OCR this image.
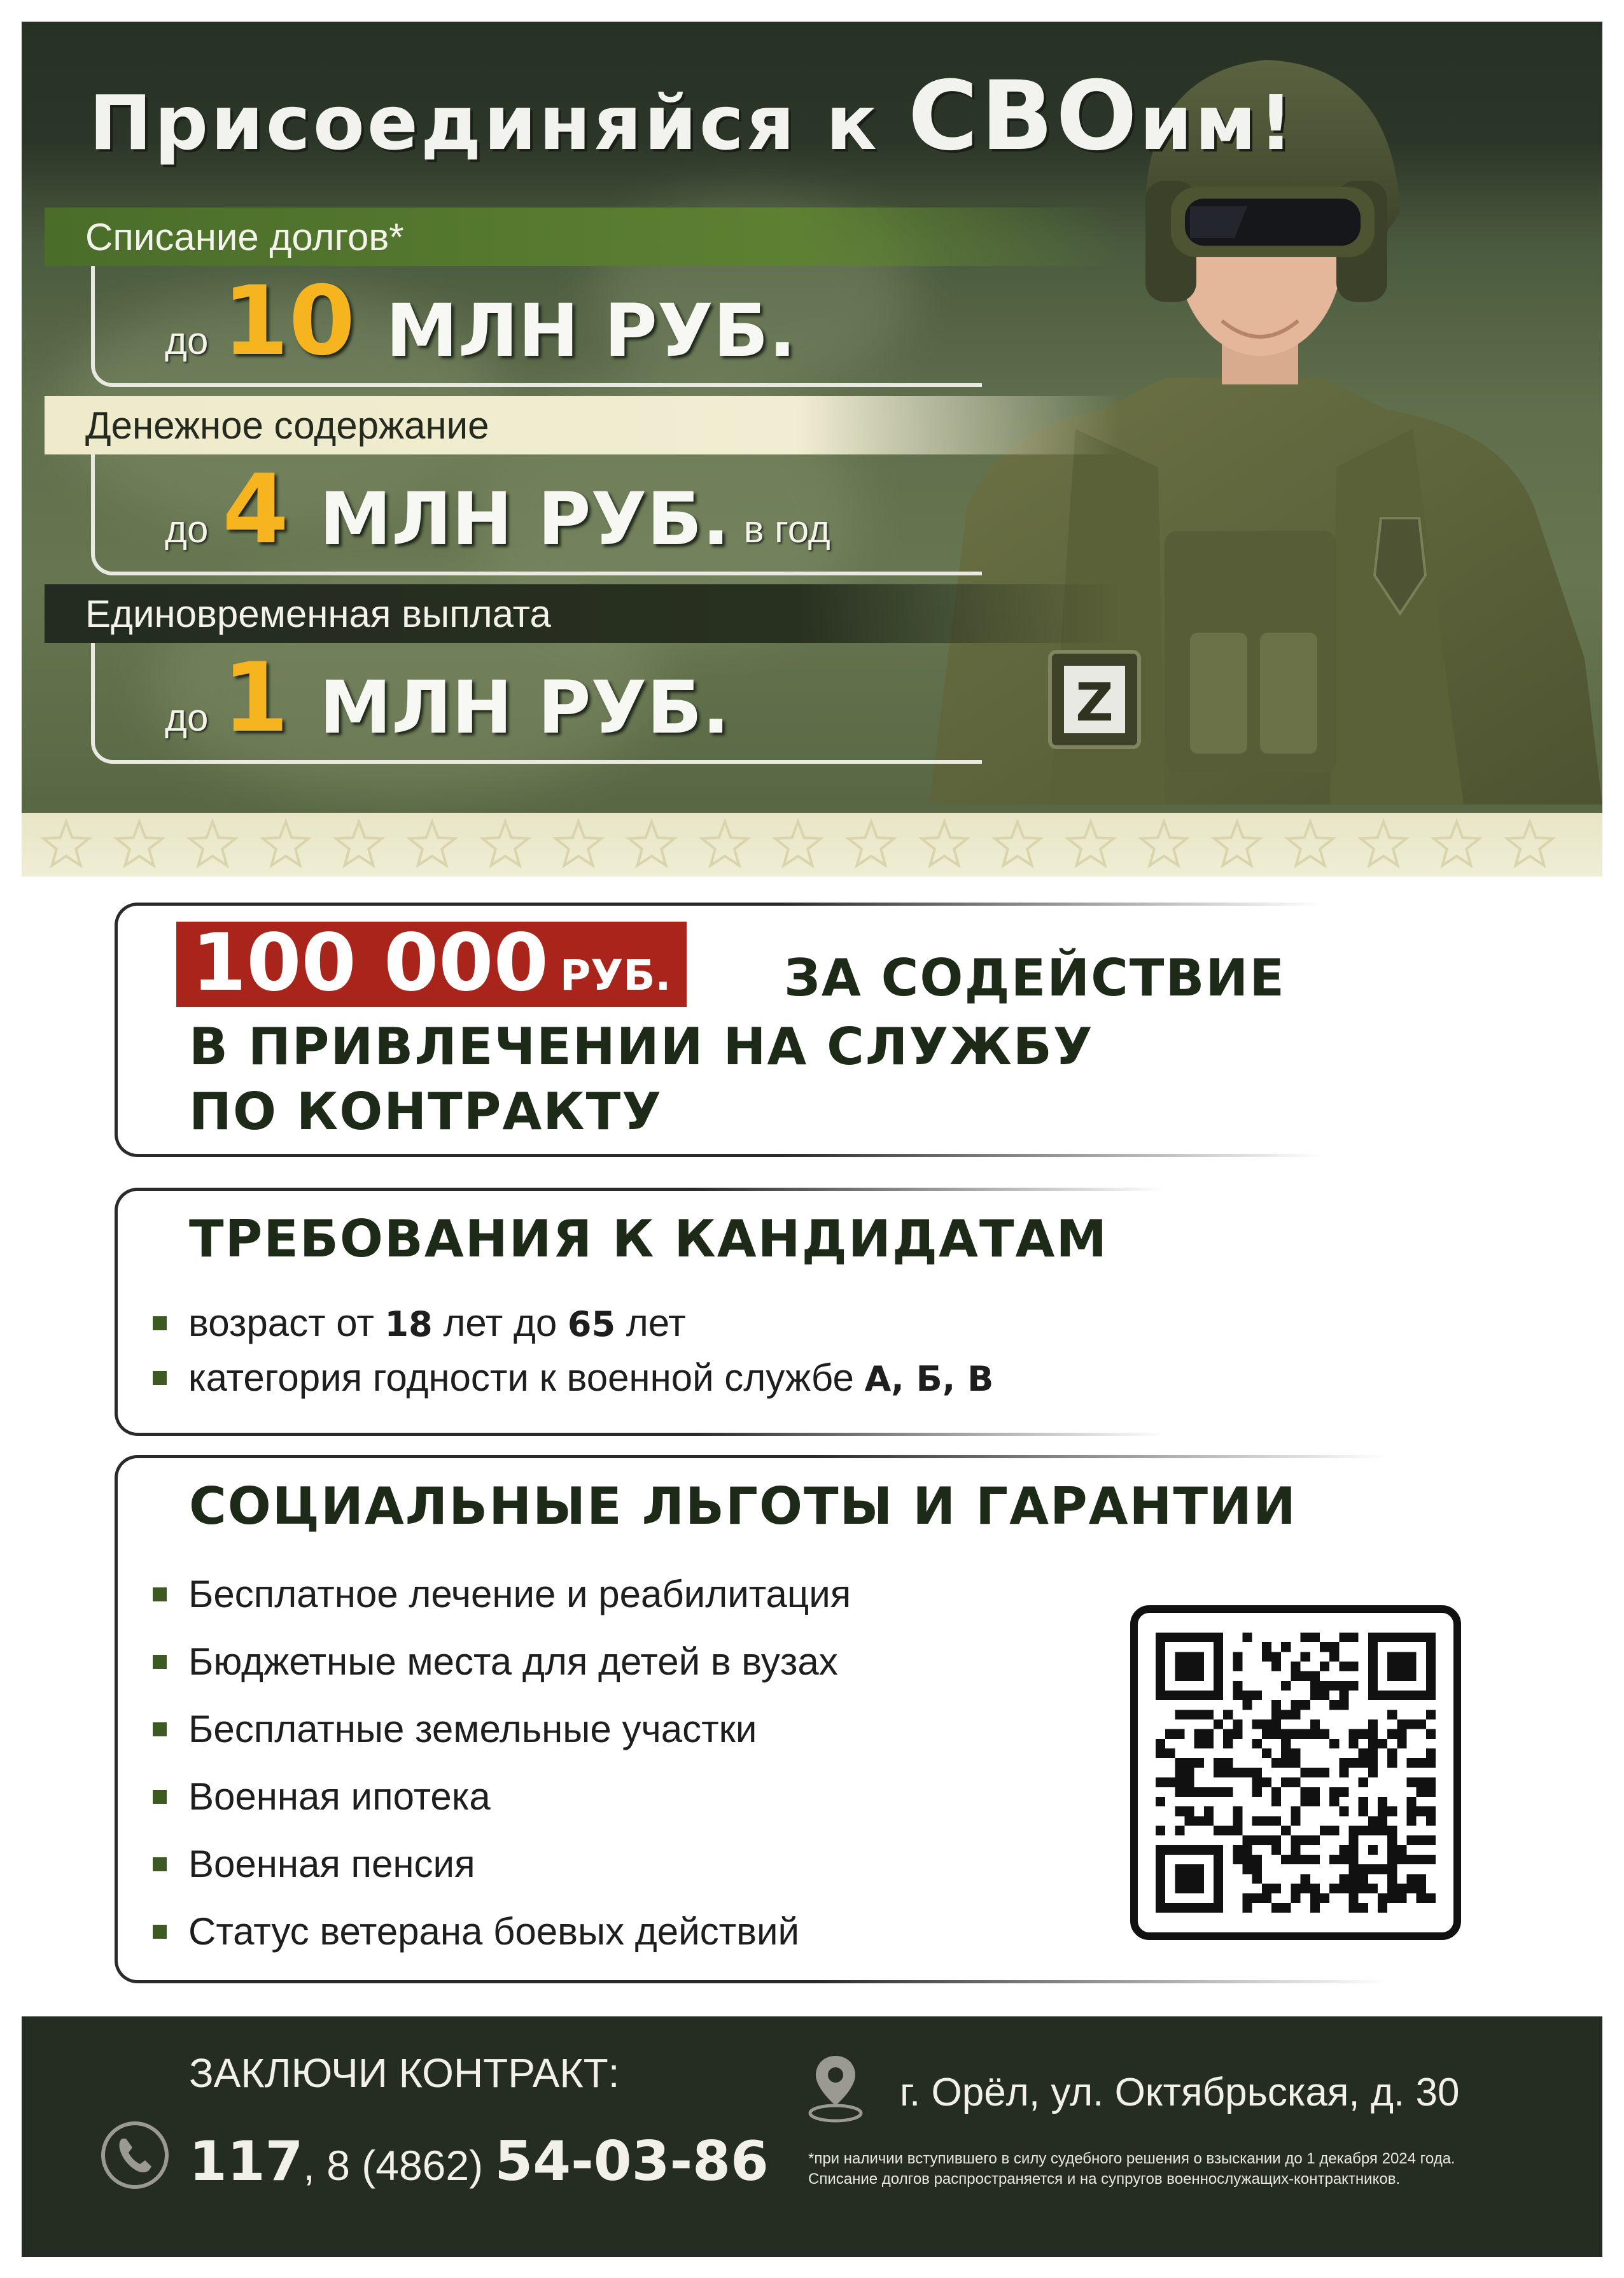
Z
Присоединяйся к СВОим!
Списание долгов*
до 10 МЛН РУБ.
Денежное содержание
до 4 МЛН РУБ. в год
Единовременная выплата
до 1 МЛН РУБ.
100 000 РУБ. ЗА СОДЕЙСТВИЕ
В ПРИВЛЕЧЕНИИ НА СЛУЖБУ
ПО КОНТРАКТУ
ТРЕБОВАНИЯ К КАНДИДАТАМ
возраст от 18 лет до 65 лет
категория годности к военной службе А, Б, В
СОЦИАЛЬНЫЕ ЛЬГОТЫ И ГАРАНТИИ
Бесплатное лечение и реабилитация
Бюджетные места для детей в вузах
Бесплатные земельные участки
Военная ипотека
Военная пенсия
Статус ветерана боевых действий
ЗАКЛЮЧИ КОНТРАКТ:
117, 8 (4862) 54-03-86
г. Орёл, ул. Октябрьская, д. 30
*при наличии вступившего в силу судебного решения о взыскании до 1 декабря 2024 года.
Списание долгов распространяется и на супругов военнослужащих-контрактников.
